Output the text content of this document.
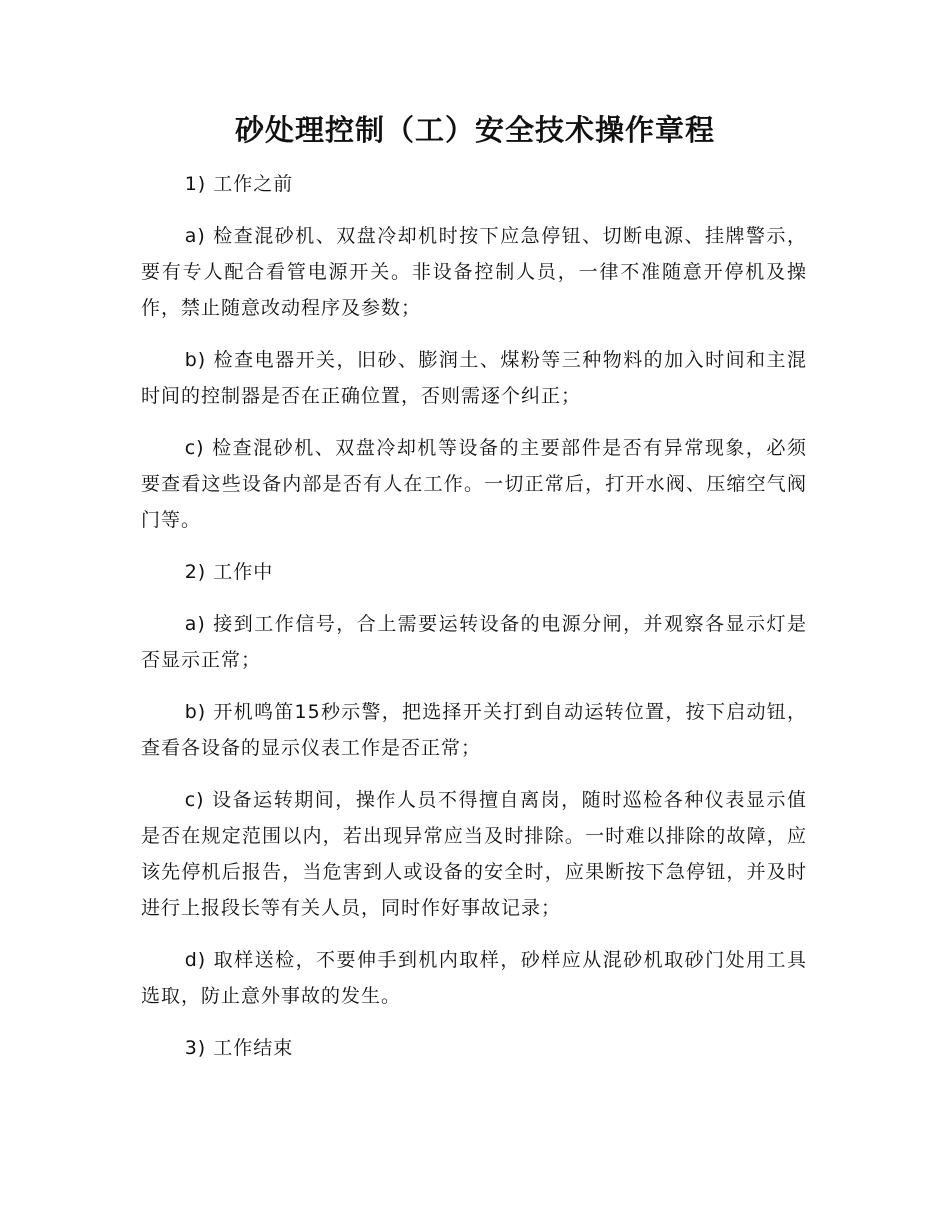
砂处理控制（工）安全技术操作章程

1) 工作之前

a) 检查混砂机、双盘冷却机时按下应急停钮、切断电源、挂牌警示，要有专人配合看管电源开关。非设备控制人员，一律不准随意开停机及操作，禁止随意改动程序及参数；

b) 检查电器开关，旧砂、膨润土、煤粉等三种物料的加入时间和主混时间的控制器是否在正确位置，否则需逐个纠正；

c) 检查混砂机、双盘冷却机等设备的主要部件是否有异常现象，必须要查看这些设备内部是否有人在工作。一切正常后，打开水阀、压缩空气阀门等。

2) 工作中

a) 接到工作信号，合上需要运转设备的电源分闸，并观察各显示灯是否显示正常；

b) 开机鸣笛15秒示警，把选择开关打到自动运转位置，按下启动钮，查看各设备的显示仪表工作是否正常；

c) 设备运转期间，操作人员不得擅自离岗，随时巡检各种仪表显示值是否在规定范围以内，若出现异常应当及时排除。一时难以排除的故障，应该先停机后报告，当危害到人或设备的安全时，应果断按下急停钮，并及时进行上报段长等有关人员，同时作好事故记录；

d) 取样送检，不要伸手到机内取样，砂样应从混砂机取砂门处用工具选取，防止意外事故的发生。

3) 工作结束
